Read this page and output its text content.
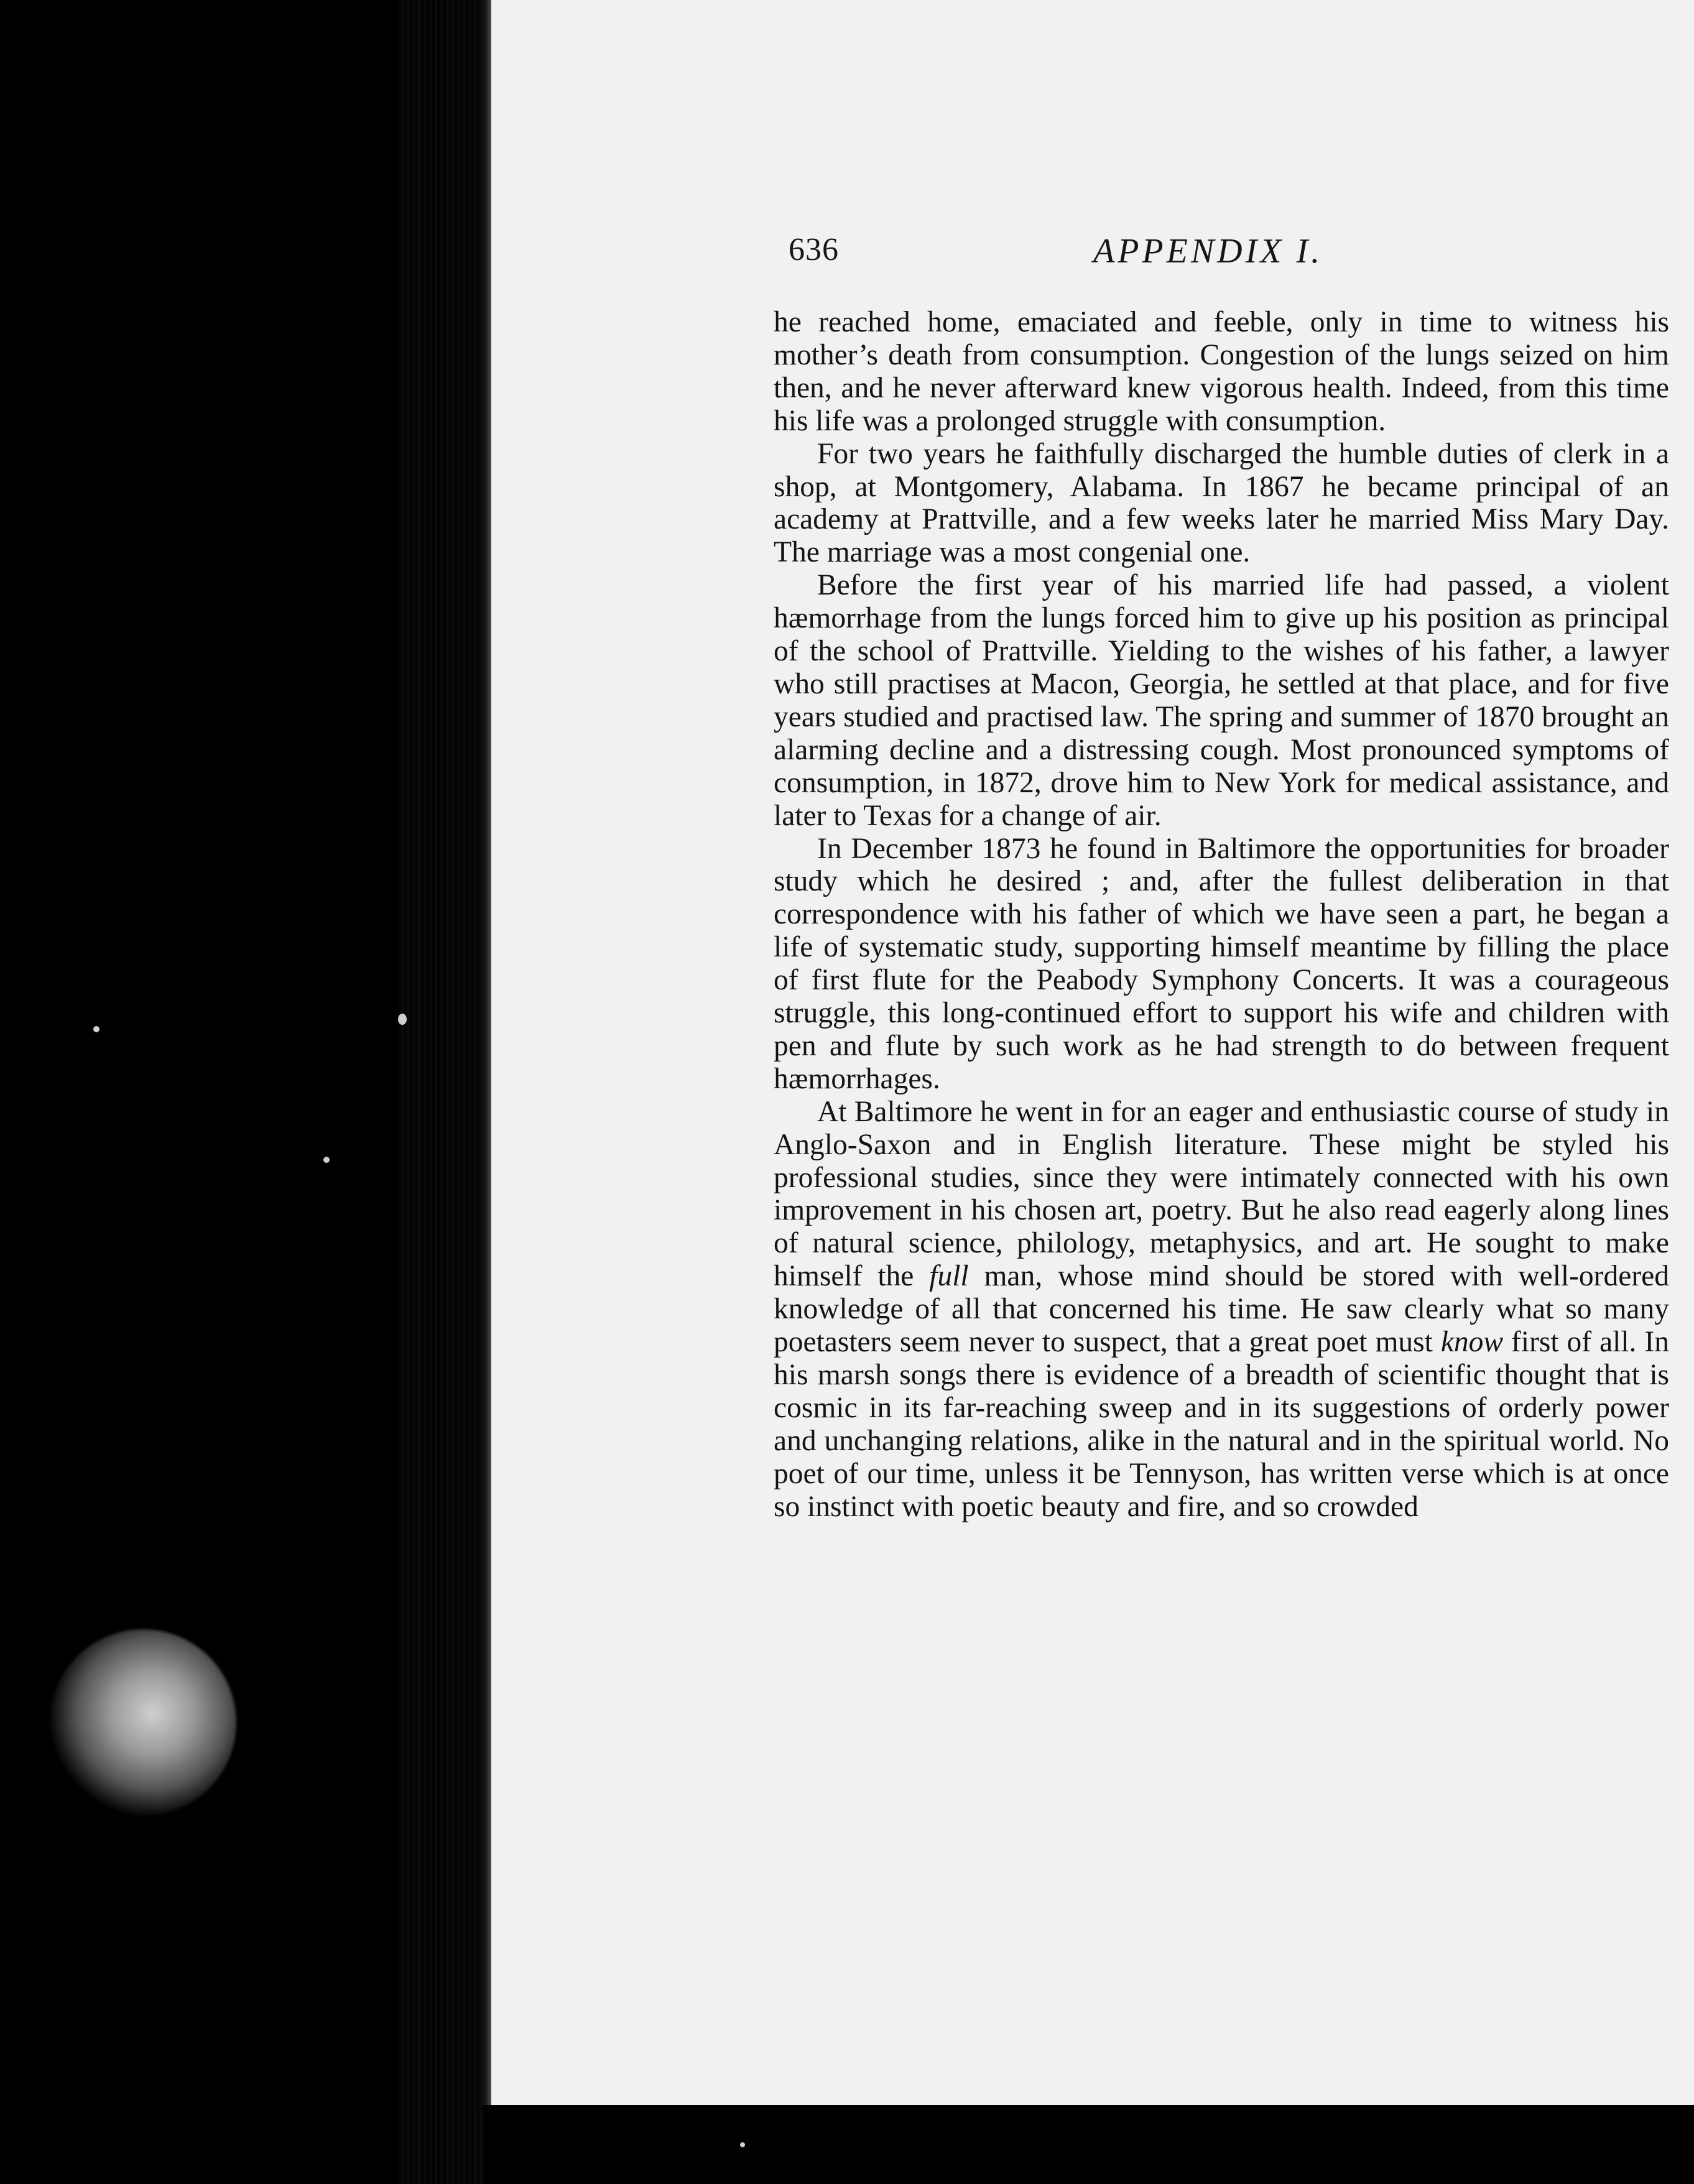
636	APPENDIX I.

he reached home, emaciated and feeble, only in time to witness his mother’s death from consumption. Congestion of the lungs seized on him then, and he never afterward knew vigorous health. Indeed, from this time his life was a prolonged struggle with consumption.

For two years he faithfully discharged the humble duties of clerk in a shop, at Montgomery, Alabama. In 1867 he became principal of an academy at Prattville, and a few weeks later he married Miss Mary Day. The marriage was a most congenial one.

Before the first year of his married life had passed, a violent hæmorrhage from the lungs forced him to give up his position as principal of the school of Prattville. Yielding to the wishes of his father, a lawyer who still practises at Macon, Georgia, he settled at that place, and for five years studied and practised law. The spring and summer of 1870 brought an alarming decline and a distressing cough. Most pronounced symptoms of consumption, in 1872, drove him to New York for medical assistance, and later to Texas for a change of air.

In December 1873 he found in Baltimore the opportunities for broader study which he desired ; and, after the fullest deliberation in that correspondence with his father of which we have seen a part, he began a life of systematic study, supporting himself meantime by filling the place of first flute for the Peabody Symphony Concerts. It was a courageous struggle, this long-continued effort to support his wife and children with pen and flute by such work as he had strength to do between frequent hæmorrhages.

At Baltimore he went in for an eager and enthusiastic course of study in Anglo-Saxon and in English literature. These might be styled his professional studies, since they were intimately connected with his own improvement in his chosen art, poetry. But he also read eagerly along lines of natural science, philology, metaphysics, and art. He sought to make himself the full man, whose mind should be stored with well-ordered knowledge of all that concerned his time. He saw clearly what so many poetasters seem never to suspect, that a great poet must know first of all. In his marsh songs there is evidence of a breadth of scientific thought that is cosmic in its far-reaching sweep and in its suggestions of orderly power and unchanging relations, alike in the natural and in the spiritual world. No poet of our time, unless it be Tennyson, has written verse which is at once so instinct with poetic beauty and fire, and so crowded
